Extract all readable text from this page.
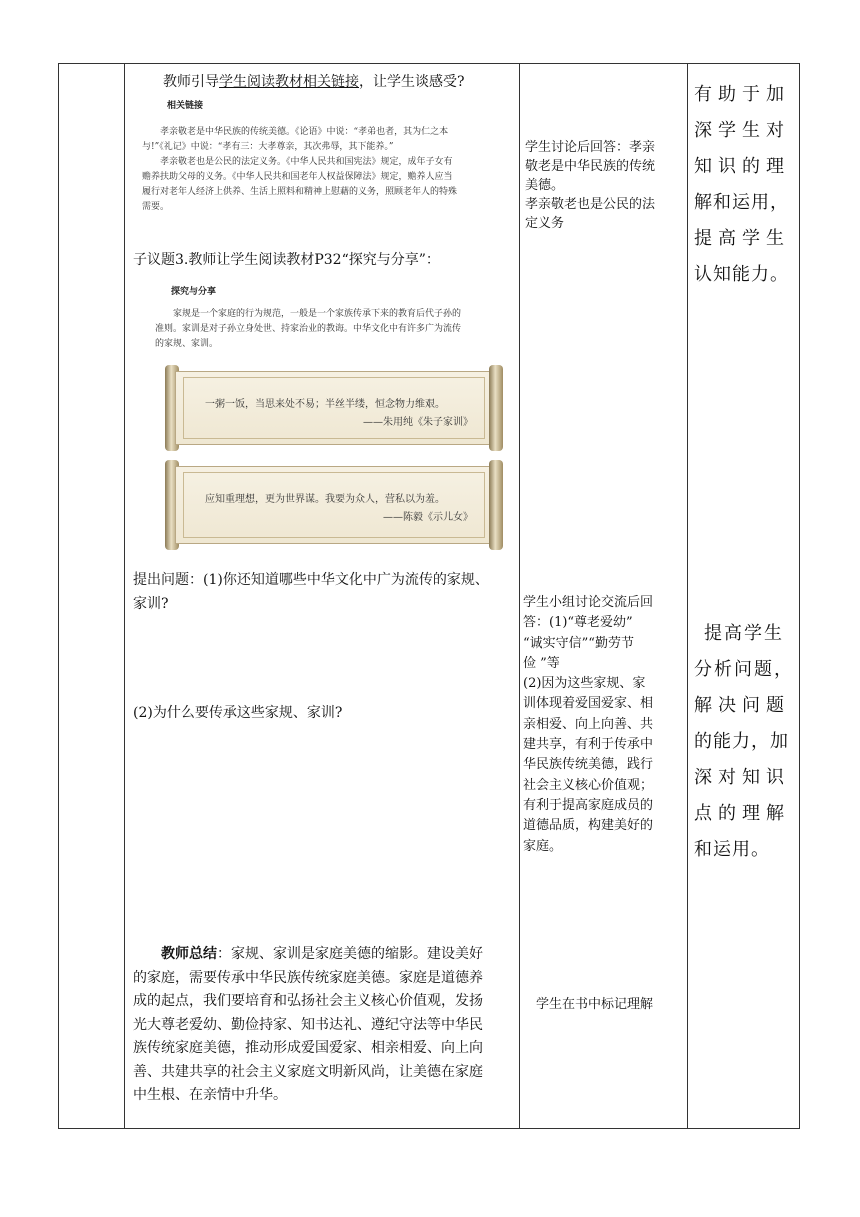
教师引导学生阅读教材相关链接，让学生谈感受?
相关链接
孝亲敬老是中华民族的传统美德。《论语》中说：“孝弟也者，其为仁之本
与!”《礼记》中说：“孝有三：大孝尊亲，其次弗辱，其下能养。”
孝亲敬老也是公民的法定义务。《中华人民共和国宪法》规定，成年子女有
赡养扶助父母的义务。《中华人民共和国老年人权益保障法》规定，赡养人应当
履行对老年人经济上供养、生活上照料和精神上慰藉的义务，照顾老年人的特殊
需要。
子议题3.教师让学生阅读教材P32“探究与分享”：
探究与分享
家规是一个家庭的行为规范，一般是一个家族传承下来的教育后代子孙的
准则。家训是对子孙立身处世、持家治业的教诲。中华文化中有许多广为流传
的家规、家训。
一粥一饭，当思来处不易；半丝半缕，恒念物力维艰。
——朱用纯《朱子家训》
应知重理想，更为世界谋。我要为众人，营私以为羞。
——陈毅《示儿女》
提出问题：(1)你还知道哪些中华文化中广为流传的家规、
家训?
(2)为什么要传承这些家规、家训?
教师总结：家规、家训是家庭美德的缩影。建设美好
的家庭，需要传承中华民族传统家庭美德。家庭是道德养
成的起点，我们要培育和弘扬社会主义核心价值观，发扬
光大尊老爱幼、勤俭持家、知书达礼、遵纪守法等中华民
族传统家庭美德，推动形成爱国爱家、相亲相爱、向上向
善、共建共享的社会主义家庭文明新风尚，让美德在家庭
中生根、在亲情中升华。
学生讨论后回答：孝亲
敬老是中华民族的传统
美德。
孝亲敬老也是公民的法
定义务
学生小组讨论交流后回
答：(1)“尊老爱幼”
“诚实守信”“勤劳节
俭 ”等
(2)因为这些家规、家
训体现着爱国爱家、相
亲相爱、向上向善、共
建共享，有利于传承中
华民族传统美德，践行
社会主义核心价值观；
有利于提高家庭成员的
道德品质，构建美好的
家庭。
学生在书中标记理解
有助于加
深学生对
知识的理
解和运用，
提高学生
认知能力。
提高学生
分析问题，
解决问题
的能力，加
深对知识
点的理解
和运用。
